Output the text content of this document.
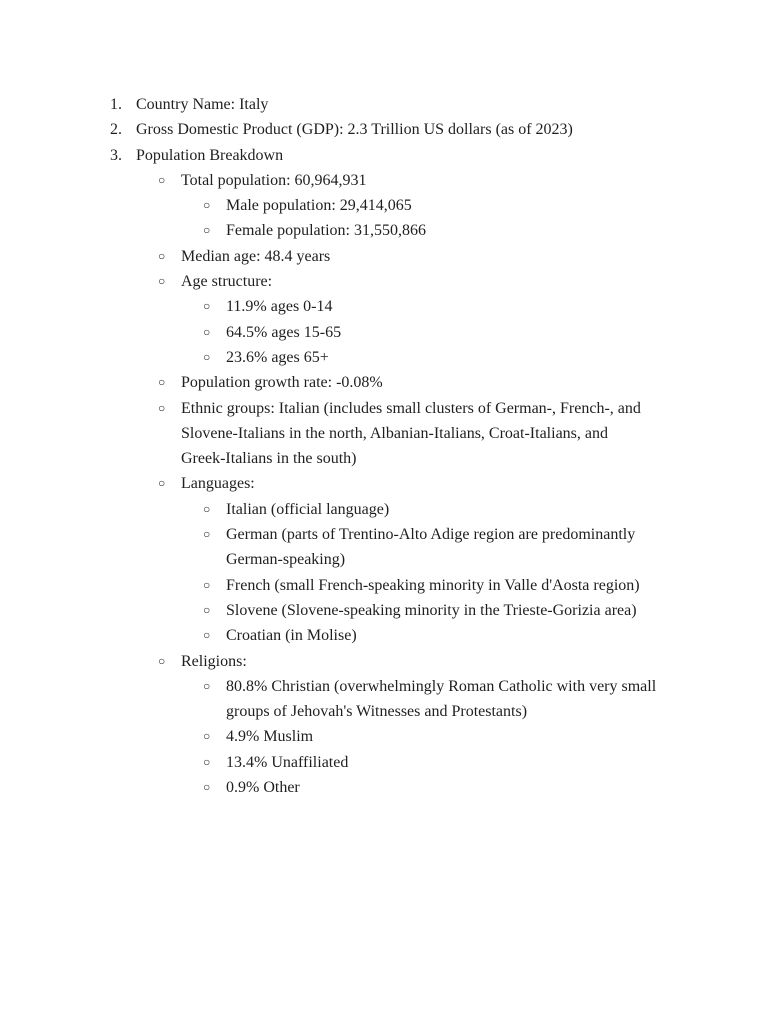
1. Country Name: Italy
2. Gross Domestic Product (GDP): 2.3 Trillion US dollars (as of 2023)
3. Population Breakdown
○ Total population: 60,964,931
○ Male population: 29,414,065
○ Female population: 31,550,866
○ Median age: 48.4 years
○ Age structure:
○ 11.9% ages 0-14
○ 64.5% ages 15-65
○ 23.6% ages 65+
○ Population growth rate: -0.08%
○ Ethnic groups: Italian (includes small clusters of German-, French-, and
Slovene-Italians in the north, Albanian-Italians, Croat-Italians, and
Greek-Italians in the south)
○ Languages:
○ Italian (official language)
○ German (parts of Trentino-Alto Adige region are predominantly
German-speaking)
○ French (small French-speaking minority in Valle d'Aosta region)
○ Slovene (Slovene-speaking minority in the Trieste-Gorizia area)
○ Croatian (in Molise)
○ Religions:
○ 80.8% Christian (overwhelmingly Roman Catholic with very small
groups of Jehovah's Witnesses and Protestants)
○ 4.9% Muslim
○ 13.4% Unaffiliated
○ 0.9% Other
